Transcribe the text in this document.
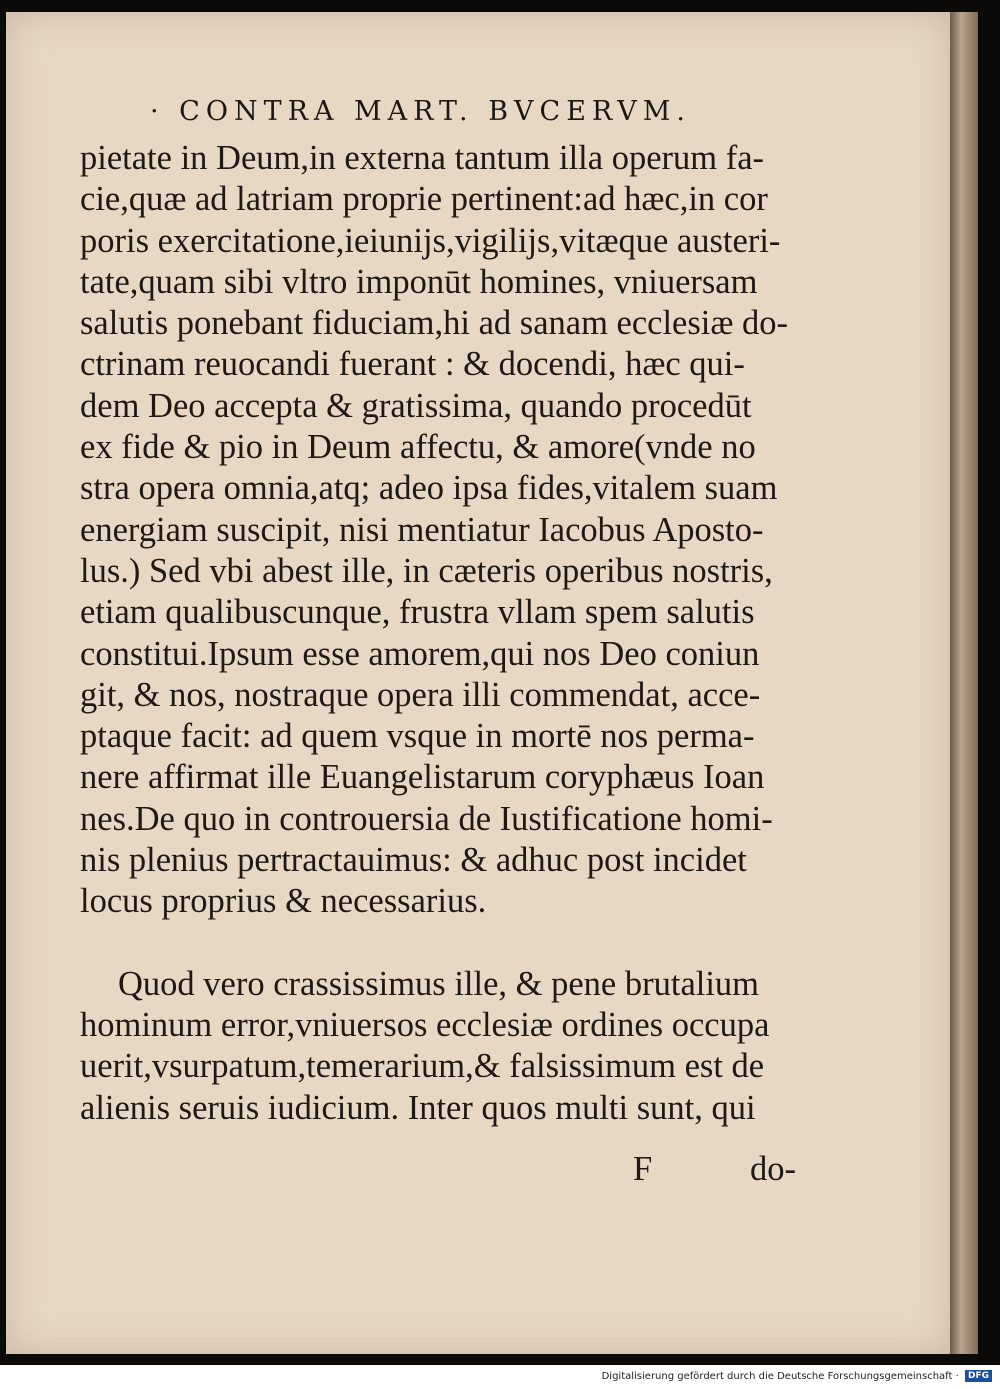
· CONTRA MART. BVCERVM.
pietate in Deum,in externa tantum illa operum fa-
cie,quæ ad latriam proprie pertinent:ad hæc,in cor
poris exercitatione,ieiunijs,vigilijs,vitæque austeri-
tate,quam sibi vltro imponūt homines, vniuersam
salutis ponebant fiduciam,hi ad sanam ecclesiæ do-
ctrinam reuocandi fuerant : & docendi, hæc qui-
dem Deo accepta & gratissima, quando procedūt
ex fide & pio in Deum affectu, & amore(vnde no
stra opera omnia,atq; adeo ipsa fides,vitalem suam
energiam suscipit, nisi mentiatur Iacobus Aposto-
lus.) Sed vbi abest ille, in cæteris operibus nostris,
etiam qualibuscunque, frustra vllam spem salutis
constitui.Ipsum esse amorem,qui nos Deo coniun
git, & nos, nostraque opera illi commendat, acce-
ptaque facit: ad quem vsque in mortē nos perma-
nere affirmat ille Euangelistarum coryphæus Ioan
nes.De quo in controuersia de Iustificatione homi-
nis plenius pertractauimus: & adhuc post incidet
locus proprius & necessarius.
Quod vero crassissimus ille, & pene brutalium
hominum error,vniuersos ecclesiæ ordines occupa
uerit,vsurpatum,temerarium,& falsissimum est de
alienis seruis iudicium. Inter quos multi sunt, qui
F	do-
Digitalisierung gefördert durch die Deutsche Forschungsgemeinschaft · DFG
